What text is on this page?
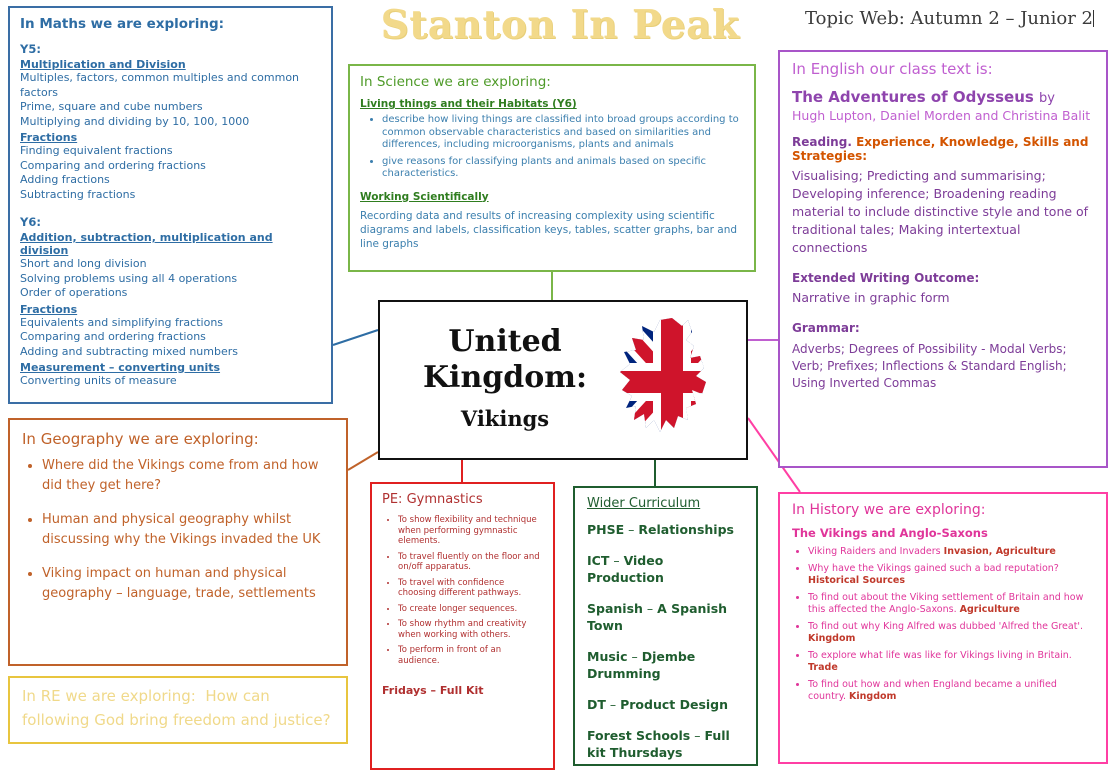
Stanton In Peak	Topic Web: Autumn 2 – Junior 2
In Maths we are exploring:
Y5:
Multiplication and Division
Multiples, factors, common multiples and common factors
Prime, square and cube numbers
Multiplying and dividing by 10, 100, 1000
Fractions
Finding equivalent fractions
Comparing and ordering fractions
Adding fractions
Subtracting fractions
Y6:
Addition, subtraction, multiplication and division
Short and long division
Solving problems using all 4 operations
Order of operations
Fractions
Equivalents and simplifying fractions
Comparing and ordering fractions
Adding and subtracting mixed numbers
Measurement – converting units
Converting units of measure
In Science we are exploring:
Living things and their Habitats (Y6)
• describe how living things are classified into broad groups according to common observable characteristics and based on similarities and differences, including microorganisms, plants and animals
• give reasons for classifying plants and animals based on specific characteristics.
Working Scientifically
Recording data and results of increasing complexity using scientific diagrams and labels, classification keys, tables, scatter graphs, bar and line graphs
In English our class text is:
The Adventures of Odysseus by
Hugh Lupton, Daniel Morden and Christina Balit
Reading. Experience, Knowledge, Skills and Strategies:
Visualising; Predicting and summarising; Developing inference; Broadening reading material to include distinctive style and tone of traditional tales; Making intertextual connections
Extended Writing Outcome:
Narrative in graphic form
Grammar:
Adverbs; Degrees of Possibility - Modal Verbs; Verb; Prefixes; Inflections & Standard English; Using Inverted Commas
United
Kingdom:
Vikings
In Geography we are exploring:
• Where did the Vikings come from and how did they get here?
• Human and physical geography whilst discussing why the Vikings invaded the UK
• Viking impact on human and physical geography – language, trade, settlements
In RE we are exploring: How can following God bring freedom and justice?
PE: Gymnastics
• To show flexibility and technique when performing gymnastic elements.
• To travel fluently on the floor and on/off apparatus.
• To travel with confidence choosing different pathways.
• To create longer sequences.
• To show rhythm and creativity when working with others.
• To perform in front of an audience.
Fridays – Full Kit
Wider Curriculum
PHSE – Relationships
ICT – Video Production
Spanish – A Spanish Town
Music – Djembe Drumming
DT – Product Design
Forest Schools – Full kit Thursdays
In History we are exploring:
The Vikings and Anglo-Saxons
• Viking Raiders and Invaders Invasion, Agriculture
• Why have the Vikings gained such a bad reputation? Historical Sources
• To find out about the Viking settlement of Britain and how this affected the Anglo-Saxons. Agriculture
• To find out why King Alfred was dubbed 'Alfred the Great'. Kingdom
• To explore what life was like for Vikings living in Britain. Trade
• To find out how and when England became a unified country. Kingdom
